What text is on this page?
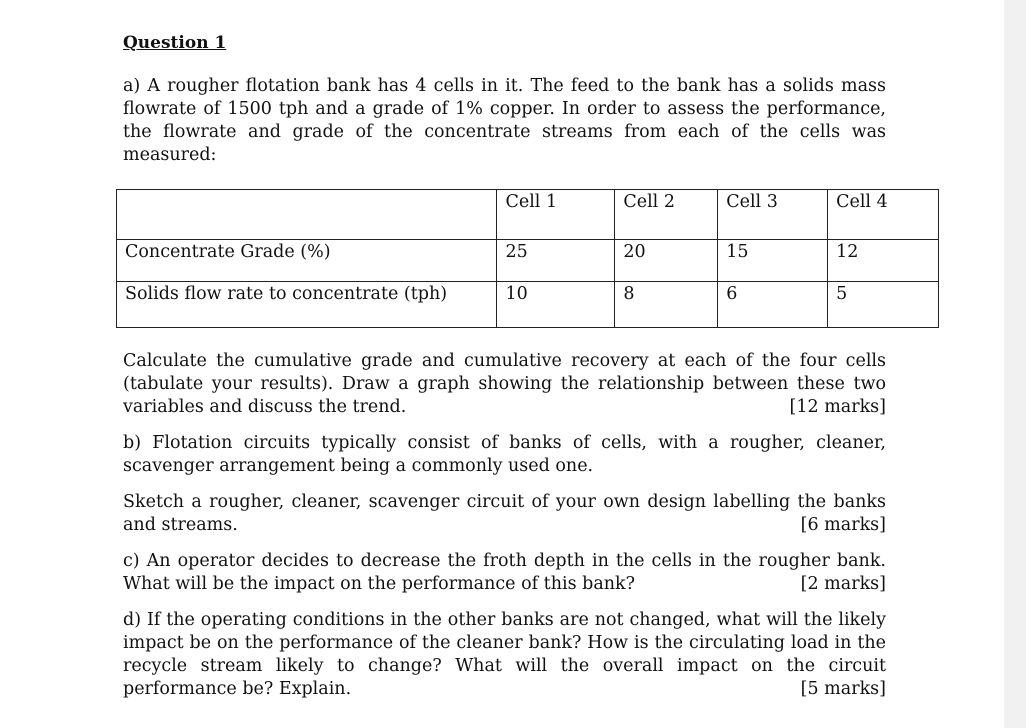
Question 1

a) A rougher flotation bank has 4 cells in it. The feed to the bank has a solids mass flowrate of 1500 tph and a grade of 1% copper. In order to assess the performance, the flowrate and grade of the concentrate streams from each of the cells was measured:

	Cell 1	Cell 2	Cell 3	Cell 4
Concentrate Grade (%)	25	20	15	12
Solids flow rate to concentrate (tph)	10	8	6	5

Calculate the cumulative grade and cumulative recovery at each of the four cells (tabulate your results). Draw a graph showing the relationship between these two variables and discuss the trend.	[12 marks]

b) Flotation circuits typically consist of banks of cells, with a rougher, cleaner, scavenger arrangement being a commonly used one.

Sketch a rougher, cleaner, scavenger circuit of your own design labelling the banks and streams.	[6 marks]

c) An operator decides to decrease the froth depth in the cells in the rougher bank. What will be the impact on the performance of this bank?	[2 marks]

d) If the operating conditions in the other banks are not changed, what will the likely impact be on the performance of the cleaner bank? How is the circulating load in the recycle stream likely to change? What will the overall impact on the circuit performance be? Explain.	[5 marks]
